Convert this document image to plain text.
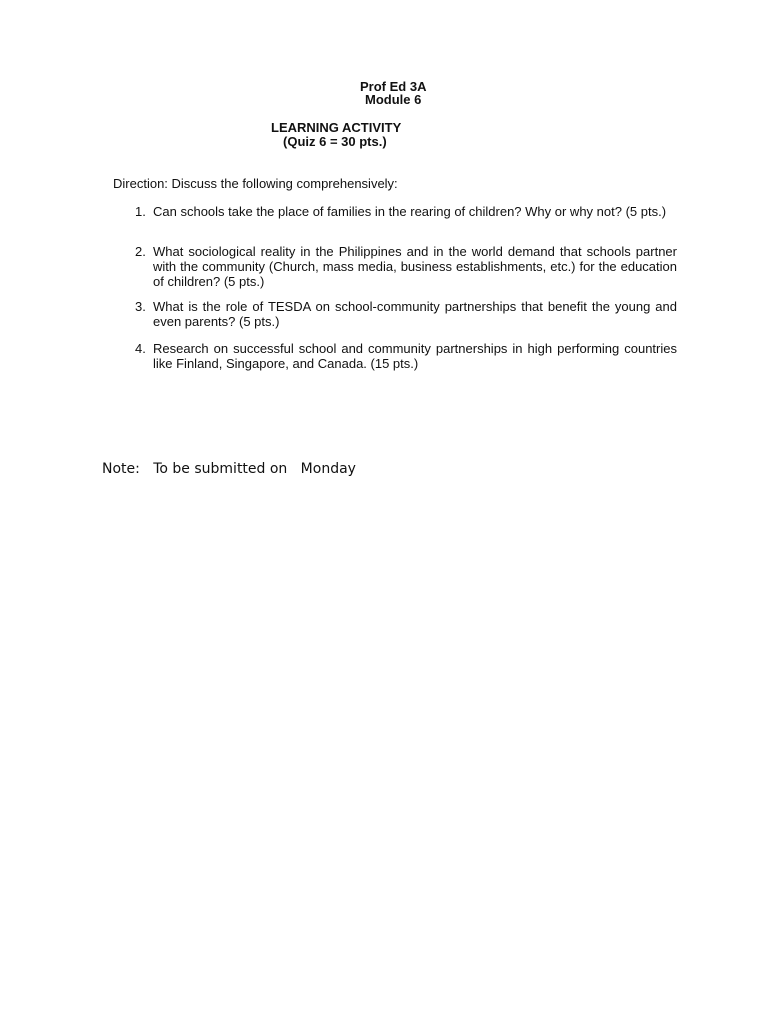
Prof Ed 3A
Module 6
LEARNING ACTIVITY
(Quiz 6 = 30 pts.)
Direction: Discuss the following comprehensively:
1. Can schools take the place of families in the rearing of children? Why or why not? (5 pts.)
2. What sociological reality in the Philippines and in the world demand that schools partner with the community (Church, mass media, business establishments, etc.) for the education of children? (5 pts.)
3. What is the role of TESDA on school-community partnerships that benefit the young and even parents? (5 pts.)
4. Research on successful school and community partnerships in high performing countries like Finland, Singapore, and Canada. (15 pts.)
Note: To be submitted on Monday
